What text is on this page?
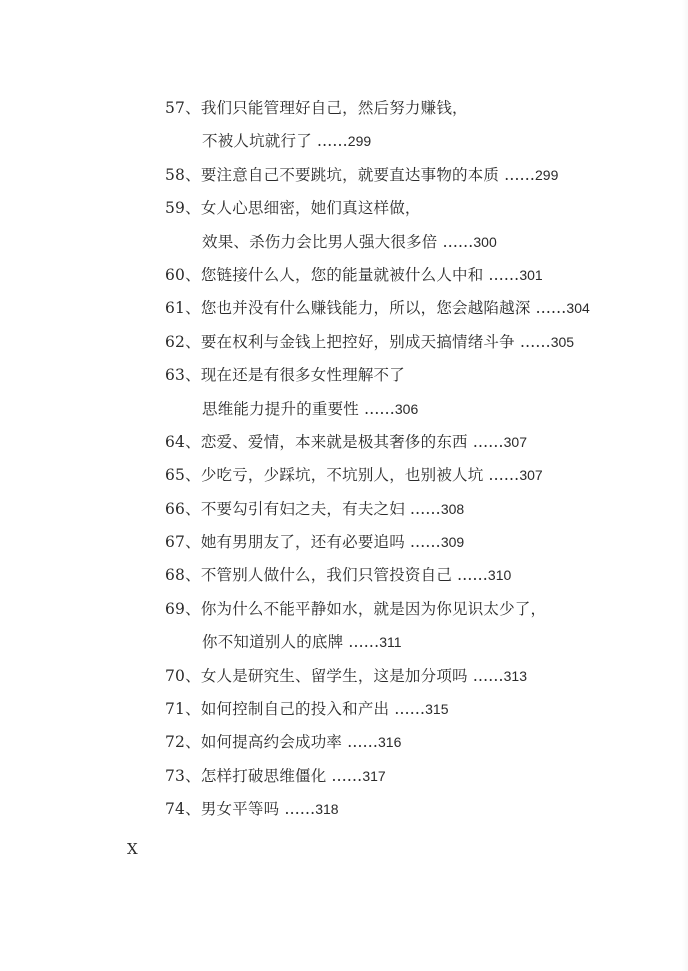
57、我们只能管理好自己，然后努力赚钱，
不被人坑就行了 ......299
58、要注意自己不要跳坑，就要直达事物的本质 ......299
59、女人心思细密，她们真这样做，
效果、杀伤力会比男人强大很多倍 ......300
60、您链接什么人，您的能量就被什么人中和 ......301
61、您也并没有什么赚钱能力，所以，您会越陷越深 ......304
62、要在权利与金钱上把控好，别成天搞情绪斗争 ......305
63、现在还是有很多女性理解不了
思维能力提升的重要性 ......306
64、恋爱、爱情，本来就是极其奢侈的东西 ......307
65、少吃亏，少踩坑，不坑别人，也别被人坑 ......307
66、不要勾引有妇之夫，有夫之妇 ......308
67、她有男朋友了，还有必要追吗 ......309
68、不管别人做什么，我们只管投资自己 ......310
69、你为什么不能平静如水，就是因为你见识太少了，
你不知道别人的底牌 ......311
70、女人是研究生、留学生，这是加分项吗 ......313
71、如何控制自己的投入和产出 ......315
72、如何提高约会成功率 ......316
73、怎样打破思维僵化 ......317
74、男女平等吗 ......318
X
